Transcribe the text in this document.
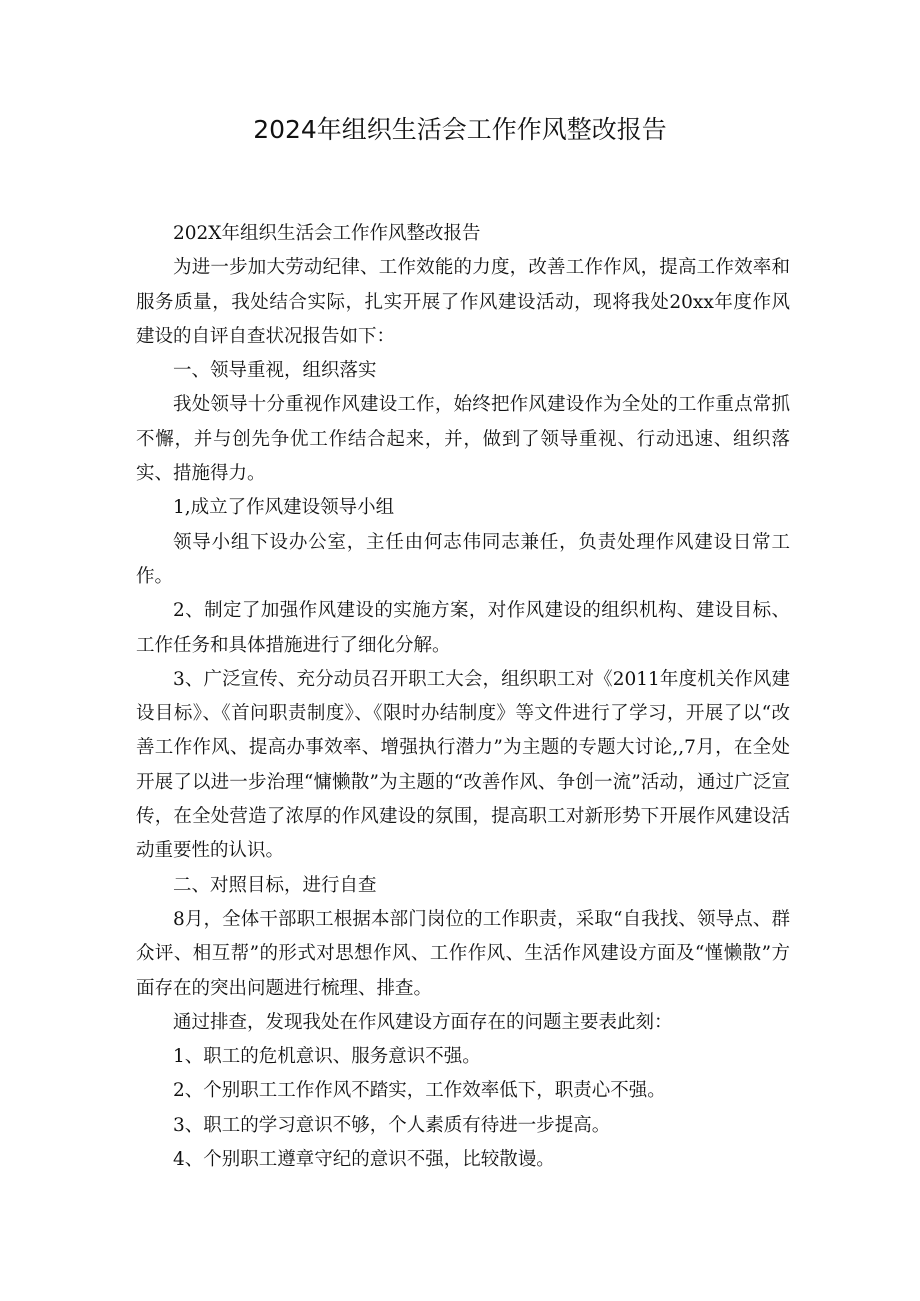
2024年组织生活会工作作风整改报告

202X年组织生活会工作作风整改报告

为进一步加大劳动纪律、工作效能的力度，改善工作作风，提高工作效率和服务质量，我处结合实际，扎实开展了作风建设活动，现将我处20xx年度作风建设的自评自查状况报告如下：

一、领导重视，组织落实

我处领导十分重视作风建设工作，始终把作风建设作为全处的工作重点常抓不懈，并与创先争优工作结合起来，并，做到了领导重视、行动迅速、组织落实、措施得力。

1,成立了作风建设领导小组

领导小组下设办公室，主任由何志伟同志兼任，负责处理作风建设日常工作。

2、制定了加强作风建设的实施方案，对作风建设的组织机构、建设目标、工作任务和具体措施进行了细化分解。

3、广泛宣传、充分动员召开职工大会，组织职工对《2011年度机关作风建设目标》、《首问职责制度》、《限时办结制度》等文件进行了学习，开展了以“改善工作作风、提高办事效率、增强执行潜力”为主题的专题大讨论,,7月，在全处开展了以进一步治理“慵懒散”为主题的“改善作风、争创一流”活动，通过广泛宣传，在全处营造了浓厚的作风建设的氛围，提高职工对新形势下开展作风建设活动重要性的认识。

二、对照目标，进行自查

8月，全体干部职工根据本部门岗位的工作职责，采取“自我找、领导点、群众评、相互帮”的形式对思想作风、工作作风、生活作风建设方面及“慬懒散”方面存在的突出问题进行梳理、排查。

通过排查，发现我处在作风建设方面存在的问题主要表此刻：

1、职工的危机意识、服务意识不强。

2、个别职工工作作风不踏实，工作效率低下，职责心不强。

3、职工的学习意识不够，个人素质有待进一步提高。

4、个别职工遵章守纪的意识不强，比较散谩。
